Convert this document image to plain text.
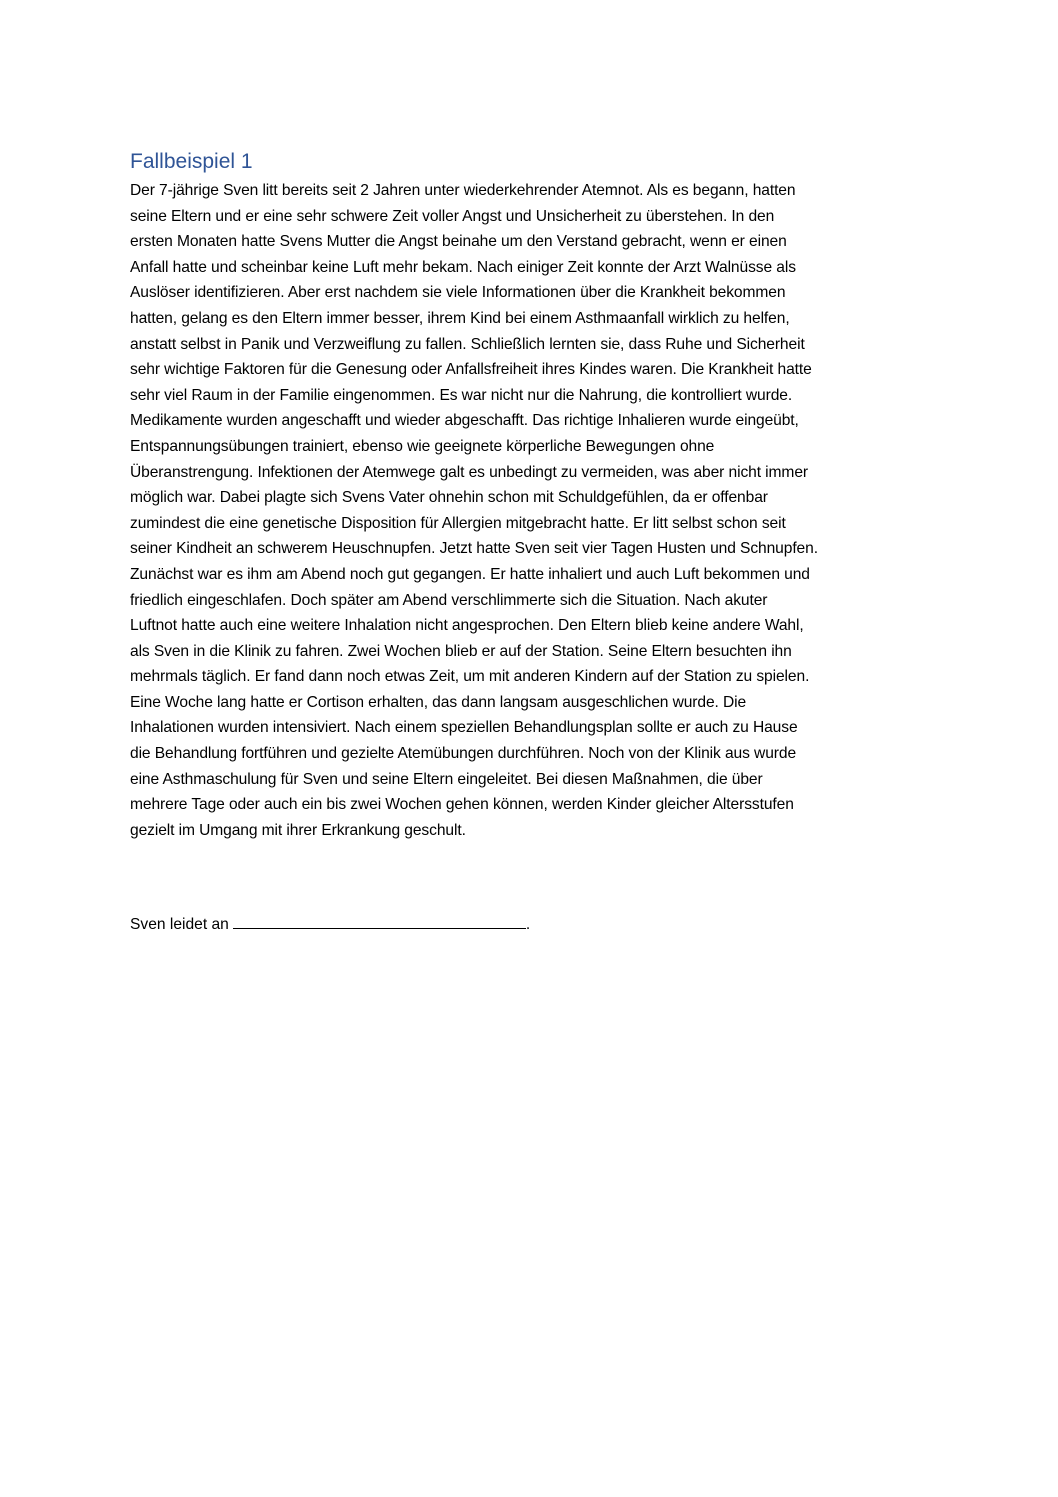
Fallbeispiel 1
Der 7-jährige Sven litt bereits seit 2 Jahren unter wiederkehrender Atemnot. Als es begann, hatten
seine Eltern und er eine sehr schwere Zeit voller Angst und Unsicherheit zu überstehen. In den
ersten Monaten hatte Svens Mutter die Angst beinahe um den Verstand gebracht, wenn er einen
Anfall hatte und scheinbar keine Luft mehr bekam. Nach einiger Zeit konnte der Arzt Walnüsse als
Auslöser identifizieren. Aber erst nachdem sie viele Informationen über die Krankheit bekommen
hatten, gelang es den Eltern immer besser, ihrem Kind bei einem Asthmaanfall wirklich zu helfen,
anstatt selbst in Panik und Verzweiflung zu fallen. Schließlich lernten sie, dass Ruhe und Sicherheit
sehr wichtige Faktoren für die Genesung oder Anfallsfreiheit ihres Kindes waren. Die Krankheit hatte
sehr viel Raum in der Familie eingenommen. Es war nicht nur die Nahrung, die kontrolliert wurde.
Medikamente wurden angeschafft und wieder abgeschafft. Das richtige Inhalieren wurde eingeübt,
Entspannungsübungen trainiert, ebenso wie geeignete körperliche Bewegungen ohne
Überanstrengung. Infektionen der Atemwege galt es unbedingt zu vermeiden, was aber nicht immer
möglich war. Dabei plagte sich Svens Vater ohnehin schon mit Schuldgefühlen, da er offenbar
zumindest die eine genetische Disposition für Allergien mitgebracht hatte. Er litt selbst schon seit
seiner Kindheit an schwerem Heuschnupfen. Jetzt hatte Sven seit vier Tagen Husten und Schnupfen.
Zunächst war es ihm am Abend noch gut gegangen. Er hatte inhaliert und auch Luft bekommen und
friedlich eingeschlafen. Doch später am Abend verschlimmerte sich die Situation. Nach akuter
Luftnot hatte auch eine weitere Inhalation nicht angesprochen. Den Eltern blieb keine andere Wahl,
als Sven in die Klinik zu fahren. Zwei Wochen blieb er auf der Station. Seine Eltern besuchten ihn
mehrmals täglich. Er fand dann noch etwas Zeit, um mit anderen Kindern auf der Station zu spielen.
Eine Woche lang hatte er Cortison erhalten, das dann langsam ausgeschlichen wurde. Die
Inhalationen wurden intensiviert. Nach einem speziellen Behandlungsplan sollte er auch zu Hause
die Behandlung fortführen und gezielte Atemübungen durchführen. Noch von der Klinik aus wurde
eine Asthmaschulung für Sven und seine Eltern eingeleitet. Bei diesen Maßnahmen, die über
mehrere Tage oder auch ein bis zwei Wochen gehen können, werden Kinder gleicher Altersstufen
gezielt im Umgang mit ihrer Erkrankung geschult.

Sven leidet an	.
